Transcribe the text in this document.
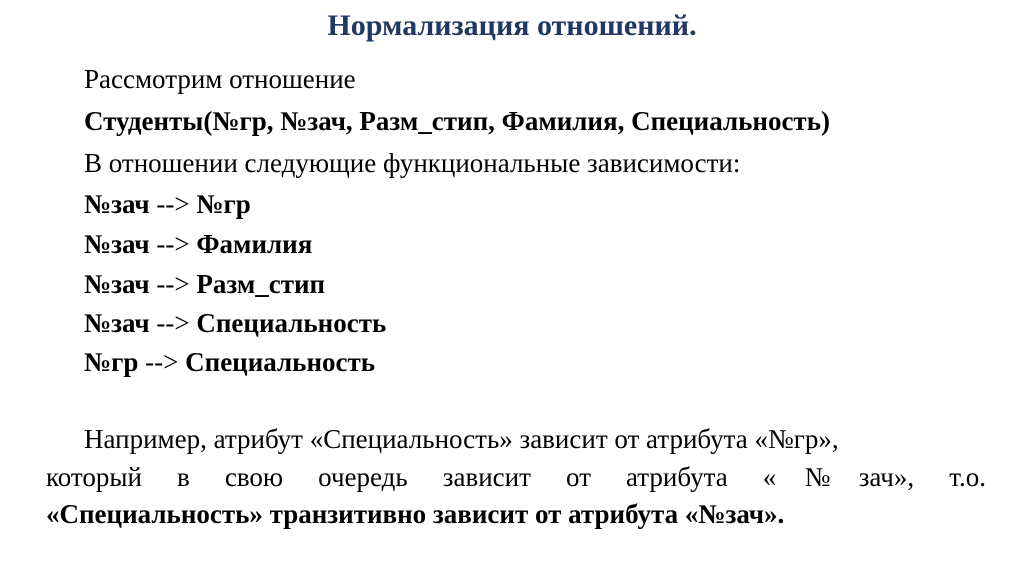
Нормализация отношений.
Рассмотрим отношение
Студенты(№гр, №зач, Разм_стип, Фамилия, Специальность)
В отношении следующие функциональные зависимости:
№зач --> №гр
№зач --> Фамилия
№зач --> Разм_стип
№зач --> Специальность
№гр --> Специальность
Например, атрибут «Специальность» зависит от атрибута «№гр»,
который в свою очередь зависит от атрибута «№зач», т.о.
«Специальность» транзитивно зависит от атрибута «№зач».
